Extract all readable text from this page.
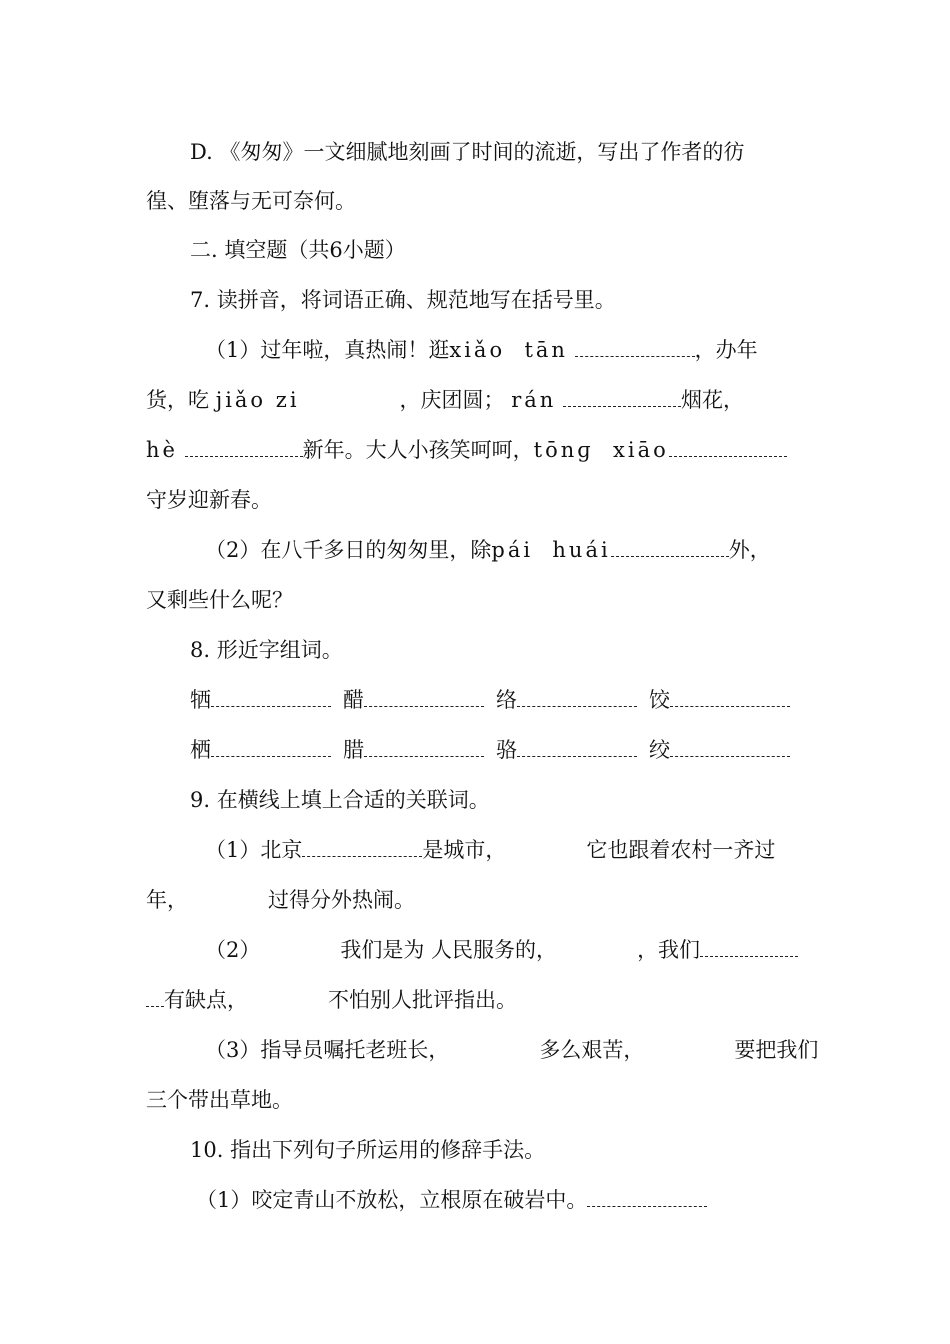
D. 《匆匆》一文细腻地刻画了时间的流逝，写出了作者的彷
徨、堕落与无可奈何。
二. 填空题（共6小题）
7. 读拼音，将词语正确、规范地写在括号里。
（1）过年啦，真热闹！逛xiǎo  tān	，办年
货，吃 jiǎo zi	，庆团圆； rán	烟花，
hè	新年。大人小孩笑呵呵，tōnɡ  xiāo
守岁迎新春。
（2）在八千多日的匆匆里，除pái  huái	外，
又剩些什么呢？
8. 形近字组词。
牺	醋	络	饺
栖	腊	骆	绞
9. 在横线上填上合适的关联词。
（1）北京	是城市，	它也跟着农村一齐过
年，	过得分外热闹。
（2）	我们是为 人民服务的，	，我们
有缺点，	不怕别人批评指出。
（3）指导员嘱托老班长，	多么艰苦，	要把我们
三个带出草地。
10. 指出下列句子所运用的修辞手法。
（1）咬定青山不放松，立根原在破岩中。
